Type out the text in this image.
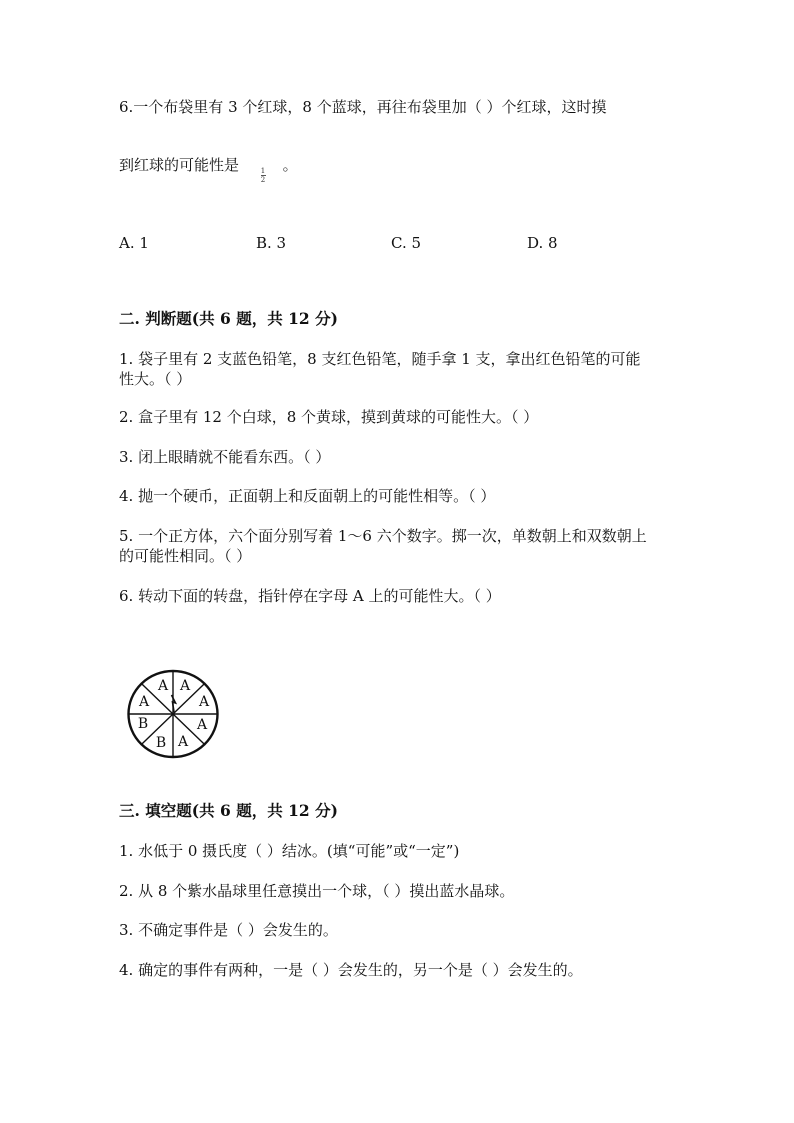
6.一个布袋里有 3 个红球，8 个蓝球，再往布袋里加（ ）个红球，这时摸
到红球的可能性是	。
1
2
A. 1	B. 3	C. 5	D. 8
二. 判断题(共 6 题，共 12 分)
1. 袋子里有 2 支蓝色铅笔，8 支红色铅笔，随手拿 1 支，拿出红色铅笔的可能
性大。（ ）
2. 盒子里有 12 个白球，8 个黄球，摸到黄球的可能性大。（ ）
3. 闭上眼睛就不能看东西。（ ）
4. 抛一个硬币，正面朝上和反面朝上的可能性相等。（ ）
5. 一个正方体，六个面分别写着 1～6 六个数字。掷一次，单数朝上和双数朝上
的可能性相同。（ ）
6. 转动下面的转盘，指针停在字母 A 上的可能性大。（ ）
A A
A
A
A
B
B
A
三. 填空题(共 6 题，共 12 分)
1. 水低于 0 摄氏度（ ）结冰。(填“可能”或“一定”)
2. 从 8 个紫水晶球里任意摸出一个球，（ ）摸出蓝水晶球。
3. 不确定事件是（ ）会发生的。
4. 确定的事件有两种，一是（ ）会发生的，另一个是（ ）会发生的。
